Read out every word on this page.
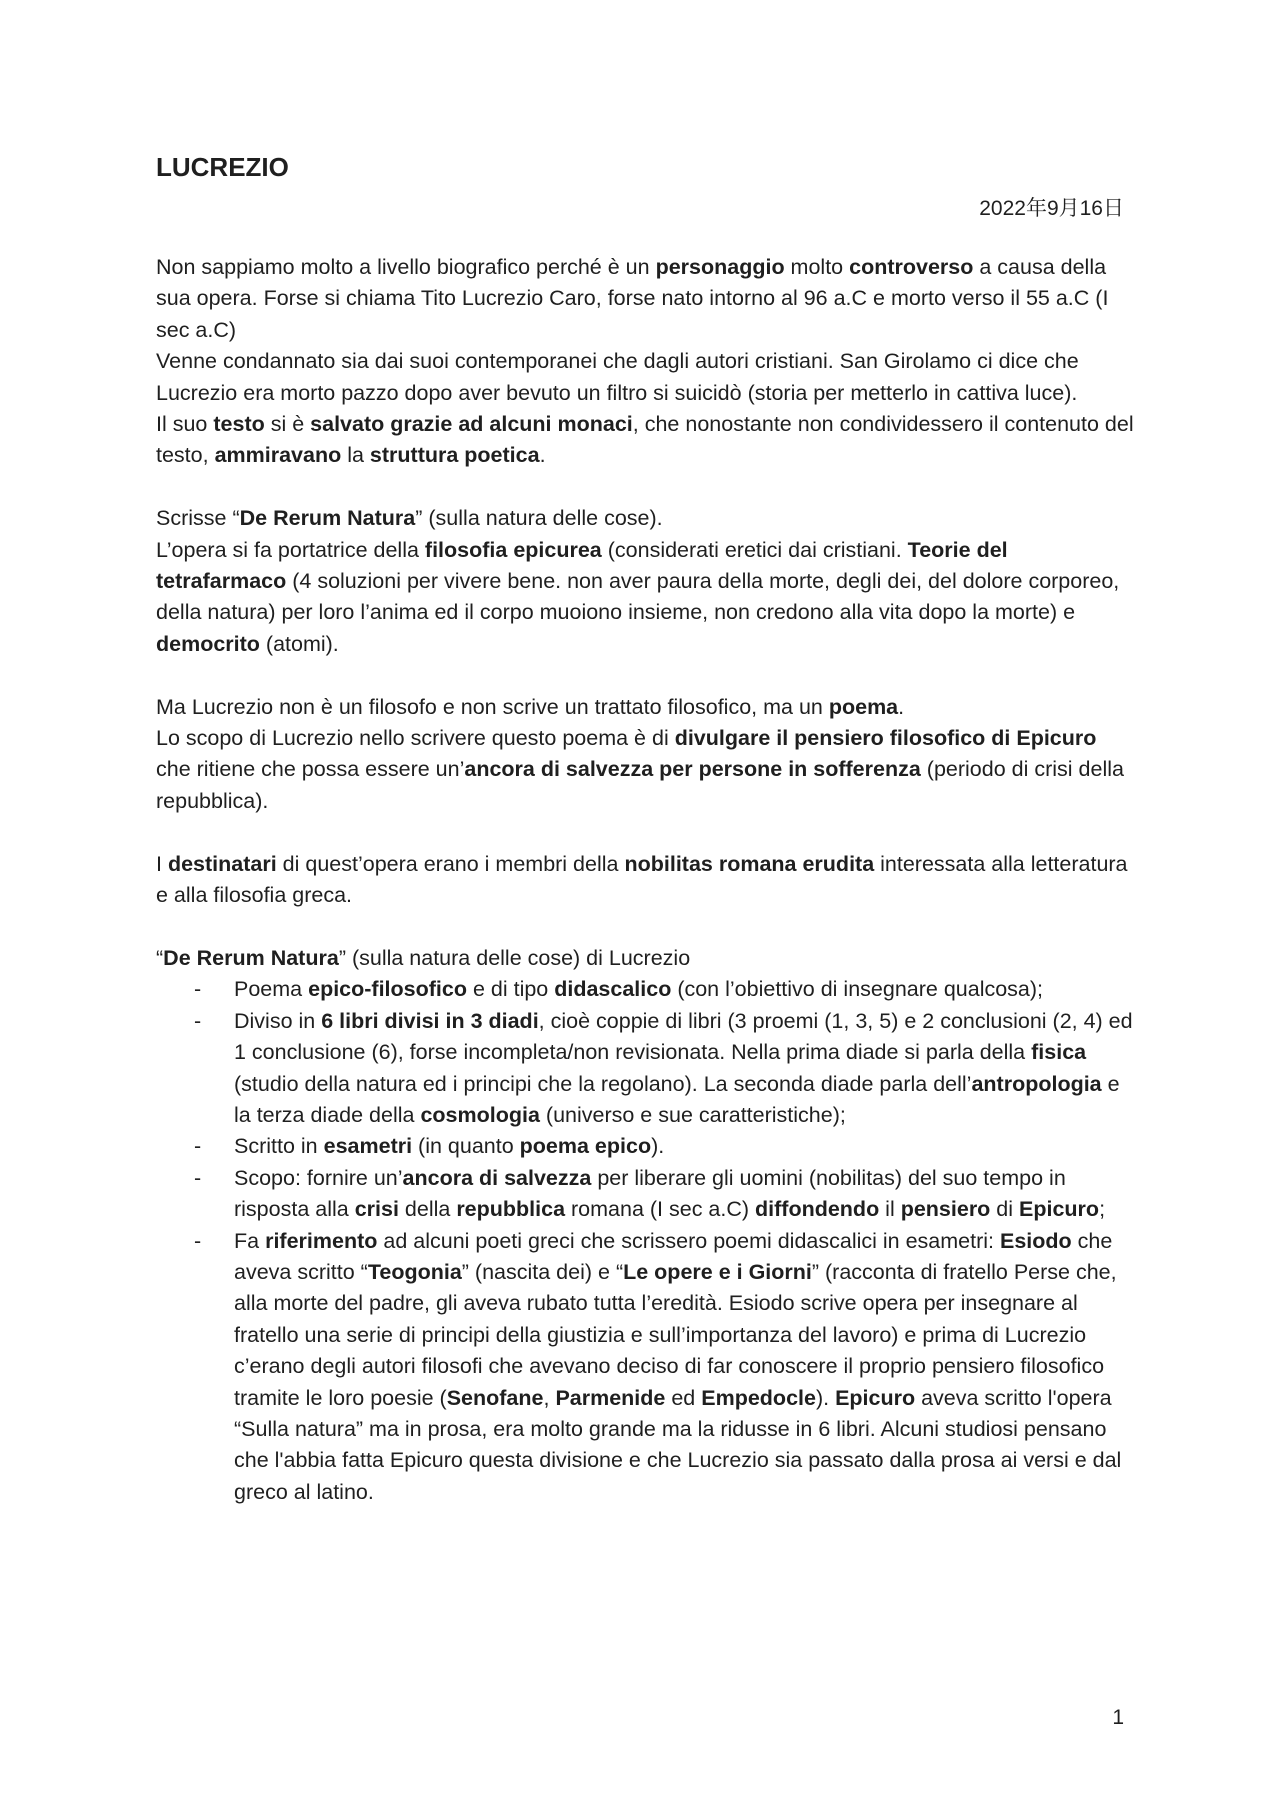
LUCREZIO
2022年9月16日

Non sappiamo molto a livello biografico perché è un personaggio molto controverso a causa della sua opera. Forse si chiama Tito Lucrezio Caro, forse nato intorno al 96 a.C e morto verso il 55 a.C (I sec a.C)

Venne condannato sia dai suoi contemporanei che dagli autori cristiani. San Girolamo ci dice che Lucrezio era morto pazzo dopo aver bevuto un filtro si suicidò (storia per metterlo in cattiva luce).

Il suo testo si è salvato grazie ad alcuni monaci, che nonostante non condividessero il contenuto del testo, ammiravano la struttura poetica.

Scrisse “De Rerum Natura” (sulla natura delle cose).

L’opera si fa portatrice della filosofia epicurea (considerati eretici dai cristiani. Teorie del tetrafarmaco (4 soluzioni per vivere bene. non aver paura della morte, degli dei, del dolore corporeo, della natura) per loro l’anima ed il corpo muoiono insieme, non credono alla vita dopo la morte) e democrito (atomi).

Ma Lucrezio non è un filosofo e non scrive un trattato filosofico, ma un poema.

Lo scopo di Lucrezio nello scrivere questo poema è di divulgare il pensiero filosofico di Epicuro che ritiene che possa essere un’ancora di salvezza per persone in sofferenza (periodo di crisi della repubblica).

I destinatari di quest’opera erano i membri della nobilitas romana erudita interessata alla letteratura e alla filosofia greca.

“De Rerum Natura” (sulla natura delle cose) di Lucrezio

- Poema epico-filosofico e di tipo didascalico (con l’obiettivo di insegnare qualcosa);
- Diviso in 6 libri divisi in 3 diadi, cioè coppie di libri (3 proemi (1, 3, 5) e 2 conclusioni (2, 4) ed 1 conclusione (6), forse incompleta/non revisionata. Nella prima diade si parla della fisica (studio della natura ed i principi che la regolano). La seconda diade parla dell’antropologia e la terza diade della cosmologia (universo e sue caratteristiche);
- Scritto in esametri (in quanto poema epico).
- Scopo: fornire un’ancora di salvezza per liberare gli uomini (nobilitas) del suo tempo in risposta alla crisi della repubblica romana (I sec a.C) diffondendo il pensiero di Epicuro;
- Fa riferimento ad alcuni poeti greci che scrissero poemi didascalici in esametri: Esiodo che aveva scritto “Teogonia” (nascita dei) e “Le opere e i Giorni” (racconta di fratello Perse che, alla morte del padre, gli aveva rubato tutta l’eredità. Esiodo scrive opera per insegnare al fratello una serie di principi della giustizia e sull’importanza del lavoro) e prima di Lucrezio c’erano degli autori filosofi che avevano deciso di far conoscere il proprio pensiero filosofico tramite le loro poesie (Senofane, Parmenide ed Empedocle). Epicuro aveva scritto l'opera “Sulla natura” ma in prosa, era molto grande ma la ridusse in 6 libri. Alcuni studiosi pensano che l'abbia fatta Epicuro questa divisione e che Lucrezio sia passato dalla prosa ai versi e dal greco al latino.
1
